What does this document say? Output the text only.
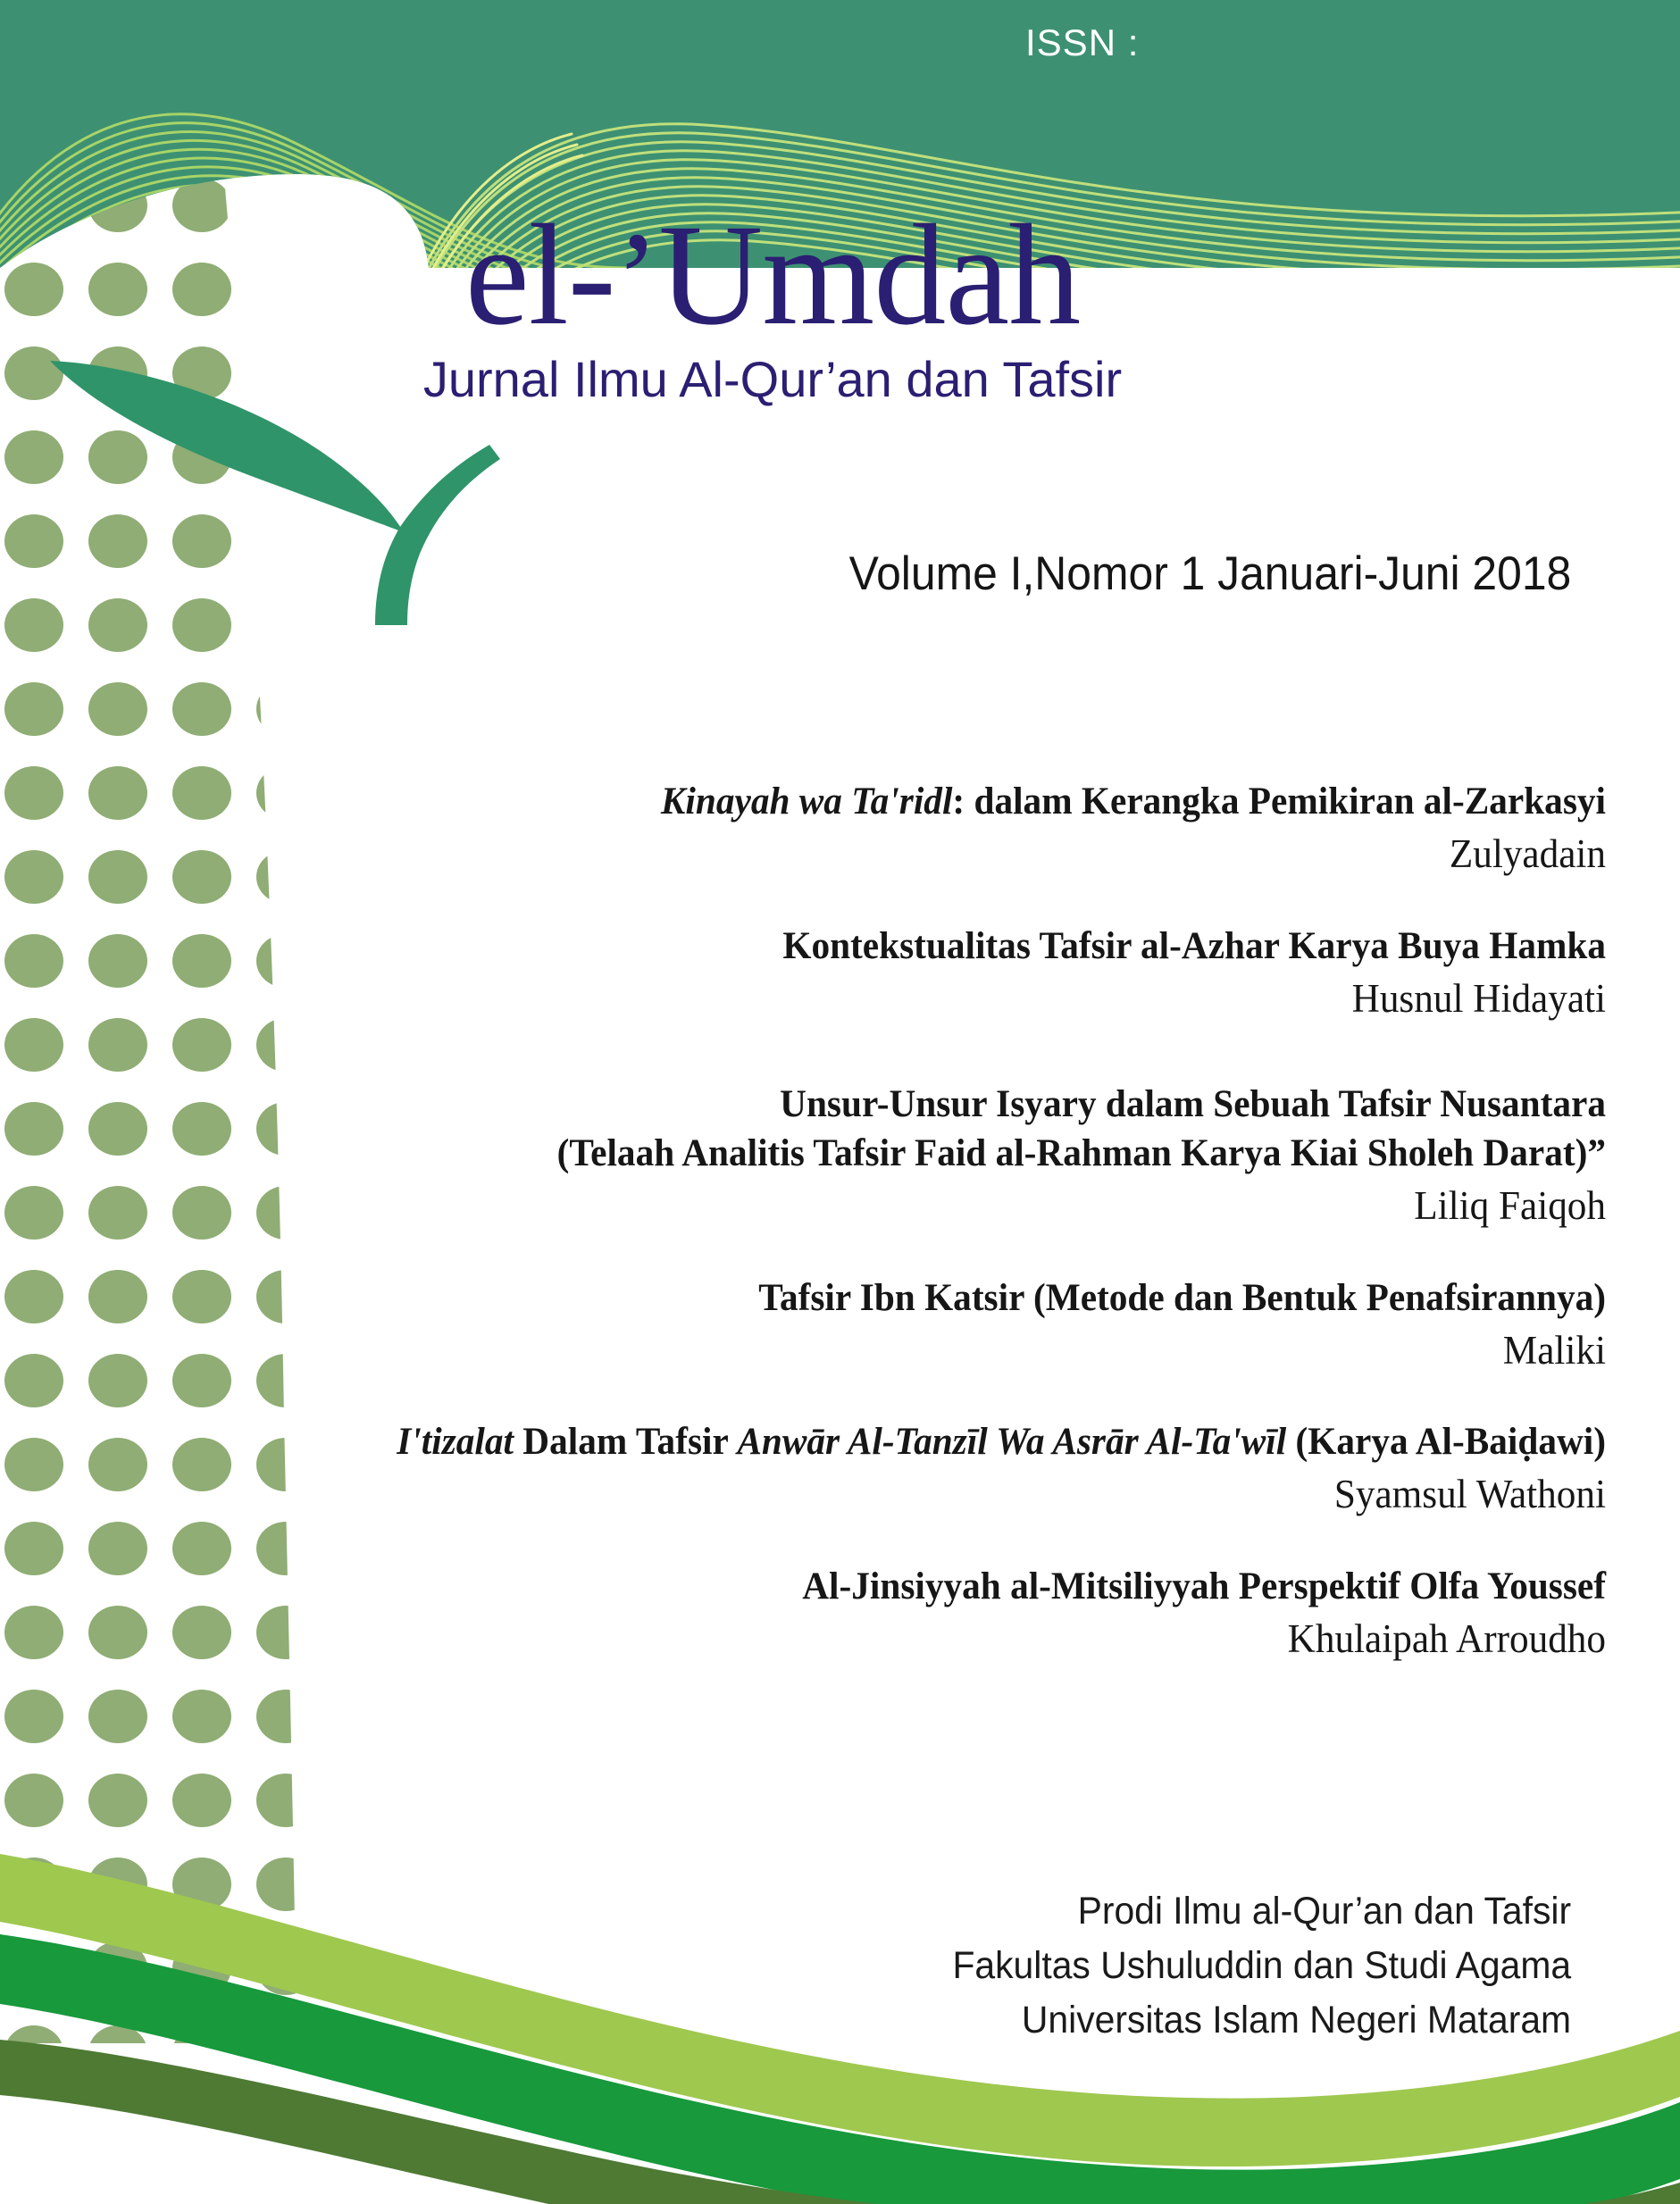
ISSN :
el-’Umdah
Jurnal Ilmu Al-Qur’an dan Tafsir
Volume I,Nomor 1 Januari-Juni 2018
Kinayah wa Ta'ridl: dalam Kerangka Pemikiran al-Zarkasyi
Zulyadain
Kontekstualitas Tafsir al-Azhar Karya Buya Hamka
Husnul Hidayati
Unsur-Unsur Isyary dalam Sebuah Tafsir Nusantara
(Telaah Analitis Tafsir Faid al-Rahman Karya Kiai Sholeh Darat)”
Liliq Faiqoh
Tafsir Ibn Katsir (Metode dan Bentuk Penafsirannya)
Maliki
I'tizalat Dalam Tafsir Anwār Al-Tanzīl Wa Asrār Al-Ta'wīl (Karya Al-Baiḍawi)
Syamsul Wathoni
Al-Jinsiyyah al-Mitsiliyyah Perspektif Olfa Youssef
Khulaipah Arroudho
Prodi Ilmu al-Qur’an dan Tafsir
Fakultas Ushuluddin dan Studi Agama
Universitas Islam Negeri Mataram
